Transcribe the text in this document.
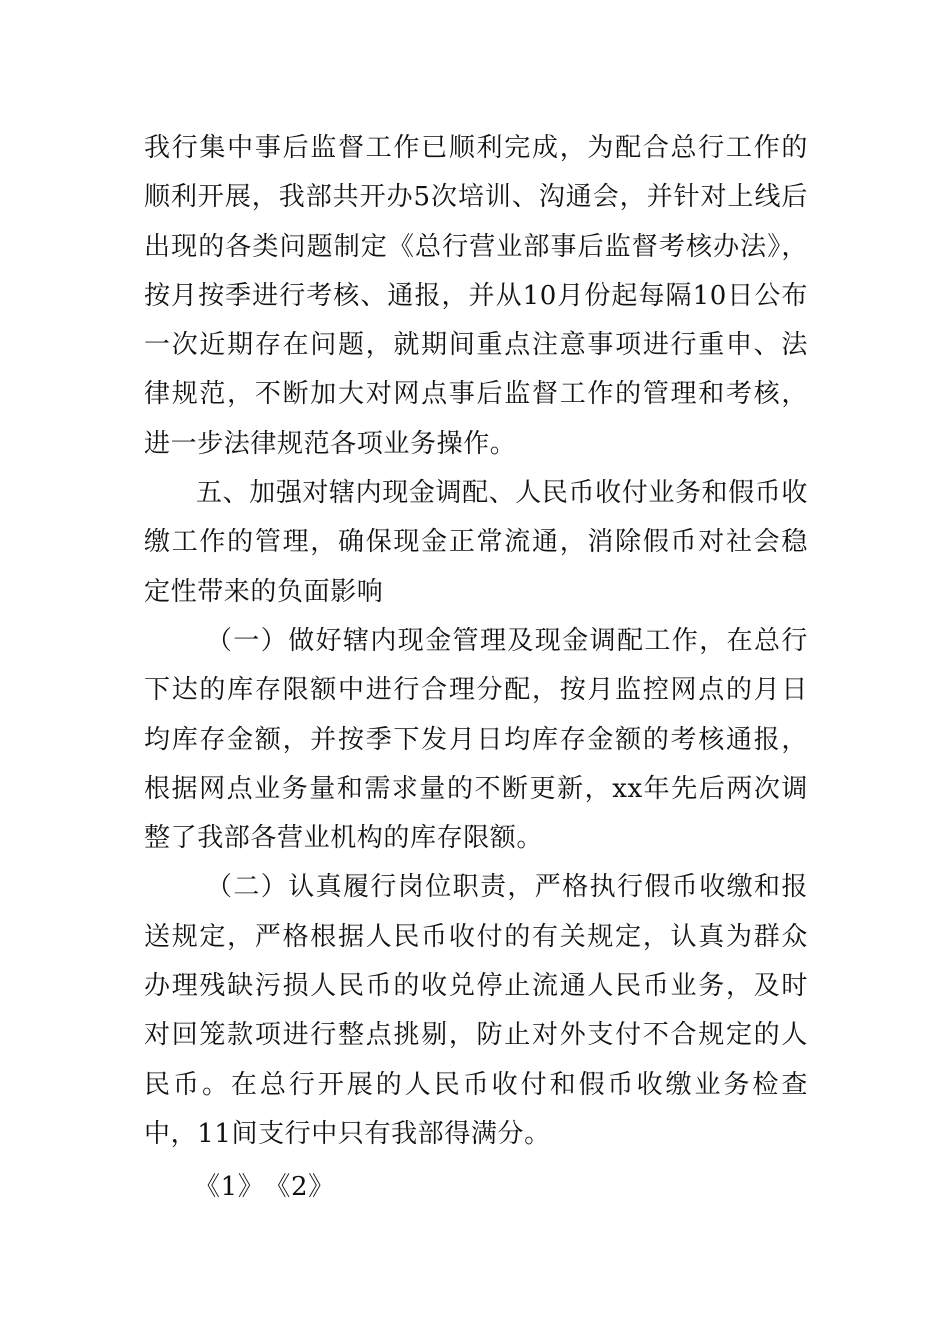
我行集中事后监督工作已顺利完成，为配合总行工作的顺利开展，我部共开办5次培训、沟通会，并针对上线后出现的各类问题制定《总行营业部事后监督考核办法》，按月按季进行考核、通报，并从10月份起每隔10日公布一次近期存在问题，就期间重点注意事项进行重申、法律规范，不断加大对网点事后监督工作的管理和考核，进一步法律规范各项业务操作。

五、加强对辖内现金调配、人民币收付业务和假币收缴工作的管理，确保现金正常流通，消除假币对社会稳定性带来的负面影响

（一）做好辖内现金管理及现金调配工作，在总行下达的库存限额中进行合理分配，按月监控网点的月日均库存金额，并按季下发月日均库存金额的考核通报，根据网点业务量和需求量的不断更新，xx年先后两次调整了我部各营业机构的库存限额。

（二）认真履行岗位职责，严格执行假币收缴和报送规定，严格根据人民币收付的有关规定，认真为群众办理残缺污损人民币的收兑停止流通人民币业务，及时对回笼款项进行整点挑剔，防止对外支付不合规定的人民币。在总行开展的人民币收付和假币收缴业务检查中，11间支行中只有我部得满分。

《1》《2》
